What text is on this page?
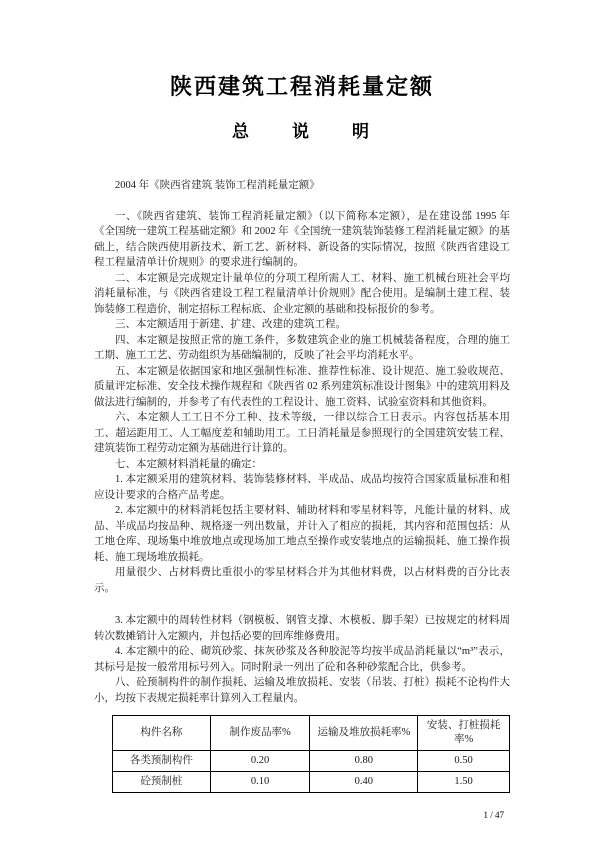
陕西建筑工程消耗量定额
总　　说　　明

2004 年《陕西省建筑 装饰工程消耗量定额》

一、《陕西省建筑、装饰工程消耗量定额》（以下简称本定额），是在建设部 1995 年《全国统一建筑工程基础定额》和 2002 年《全国统一建筑装饰装修工程消耗量定额》的基础上，结合陕西使用新技术、新工艺、新材料、新设备的实际情况，按照《陕西省建设工程工程量清单计价规则》的要求进行编制的。

二、本定额是完成规定计量单位的分项工程所需人工、材料、施工机械台班社会平均消耗量标准，与《陕西省建设工程工程量清单计价规则》配合使用。是编制土建工程、装饰装修工程造价，制定招标工程标底、企业定额的基础和投标报价的参考。

三、本定额适用于新建、扩建、改建的建筑工程。

四、本定额是按照正常的施工条件，多数建筑企业的施工机械装备程度，合理的施工工期、施工工艺、劳动组织为基础编制的，反映了社会平均消耗水平。

五、本定额是依据国家和地区强制性标准、推荐性标准、设计规范、施工验收规范、质量评定标准、安全技术操作规程和《陕西省 02 系列建筑标准设计图集》中的建筑用料及做法进行编制的，并参考了有代表性的工程设计、施工资料、试验室资料和其他资料。

六、本定额人工工日不分工种、技术等级，一律以综合工日表示。内容包括基本用工、超运距用工、人工幅度差和辅助用工。工日消耗量是参照现行的全国建筑安装工程、建筑装饰工程劳动定额为基础进行计算的。

七、本定额材料消耗量的确定：

1. 本定额采用的建筑材料、装饰装修材料、半成品、成品均按符合国家质量标准和相应设计要求的合格产品考虑。

2. 本定额中的材料消耗包括主要材料、辅助材料和零星材料等，凡能计量的材料、成品、半成品均按品种、规格逐一列出数量，并计入了相应的损耗，其内容和范围包括：从工地仓库、现场集中堆放地点或现场加工地点至操作或安装地点的运输损耗、施工操作损耗、施工现场堆放损耗。

用量很少、占材料费比重很小的零星材料合并为其他材料费，以占材料费的百分比表示。

3. 本定额中的周转性材料（钢模板、钢管支撑、木模板、脚手架）已按规定的材料周转次数摊销计入定额内，并包括必要的回库维修费用。

4. 本定额中的砼、砌筑砂浆、抹灰砂浆及各种胶泥等均按半成品消耗量以“m³”表示，其标号是按一般常用标号列入。同时附录一列出了砼和各种砂浆配合比，供参考。

八、砼预制构件的制作损耗、运输及堆放损耗、安装（吊装、打桩）损耗不论构件大小，均按下表规定损耗率计算列入工程量内。

构件名称	制作废品率%	运输及堆放损耗率%	安装、打桩损耗率%
各类预制构件	0.20	0.80	0.50
砼预制桩	0.10	0.40	1.50
1 / 47
